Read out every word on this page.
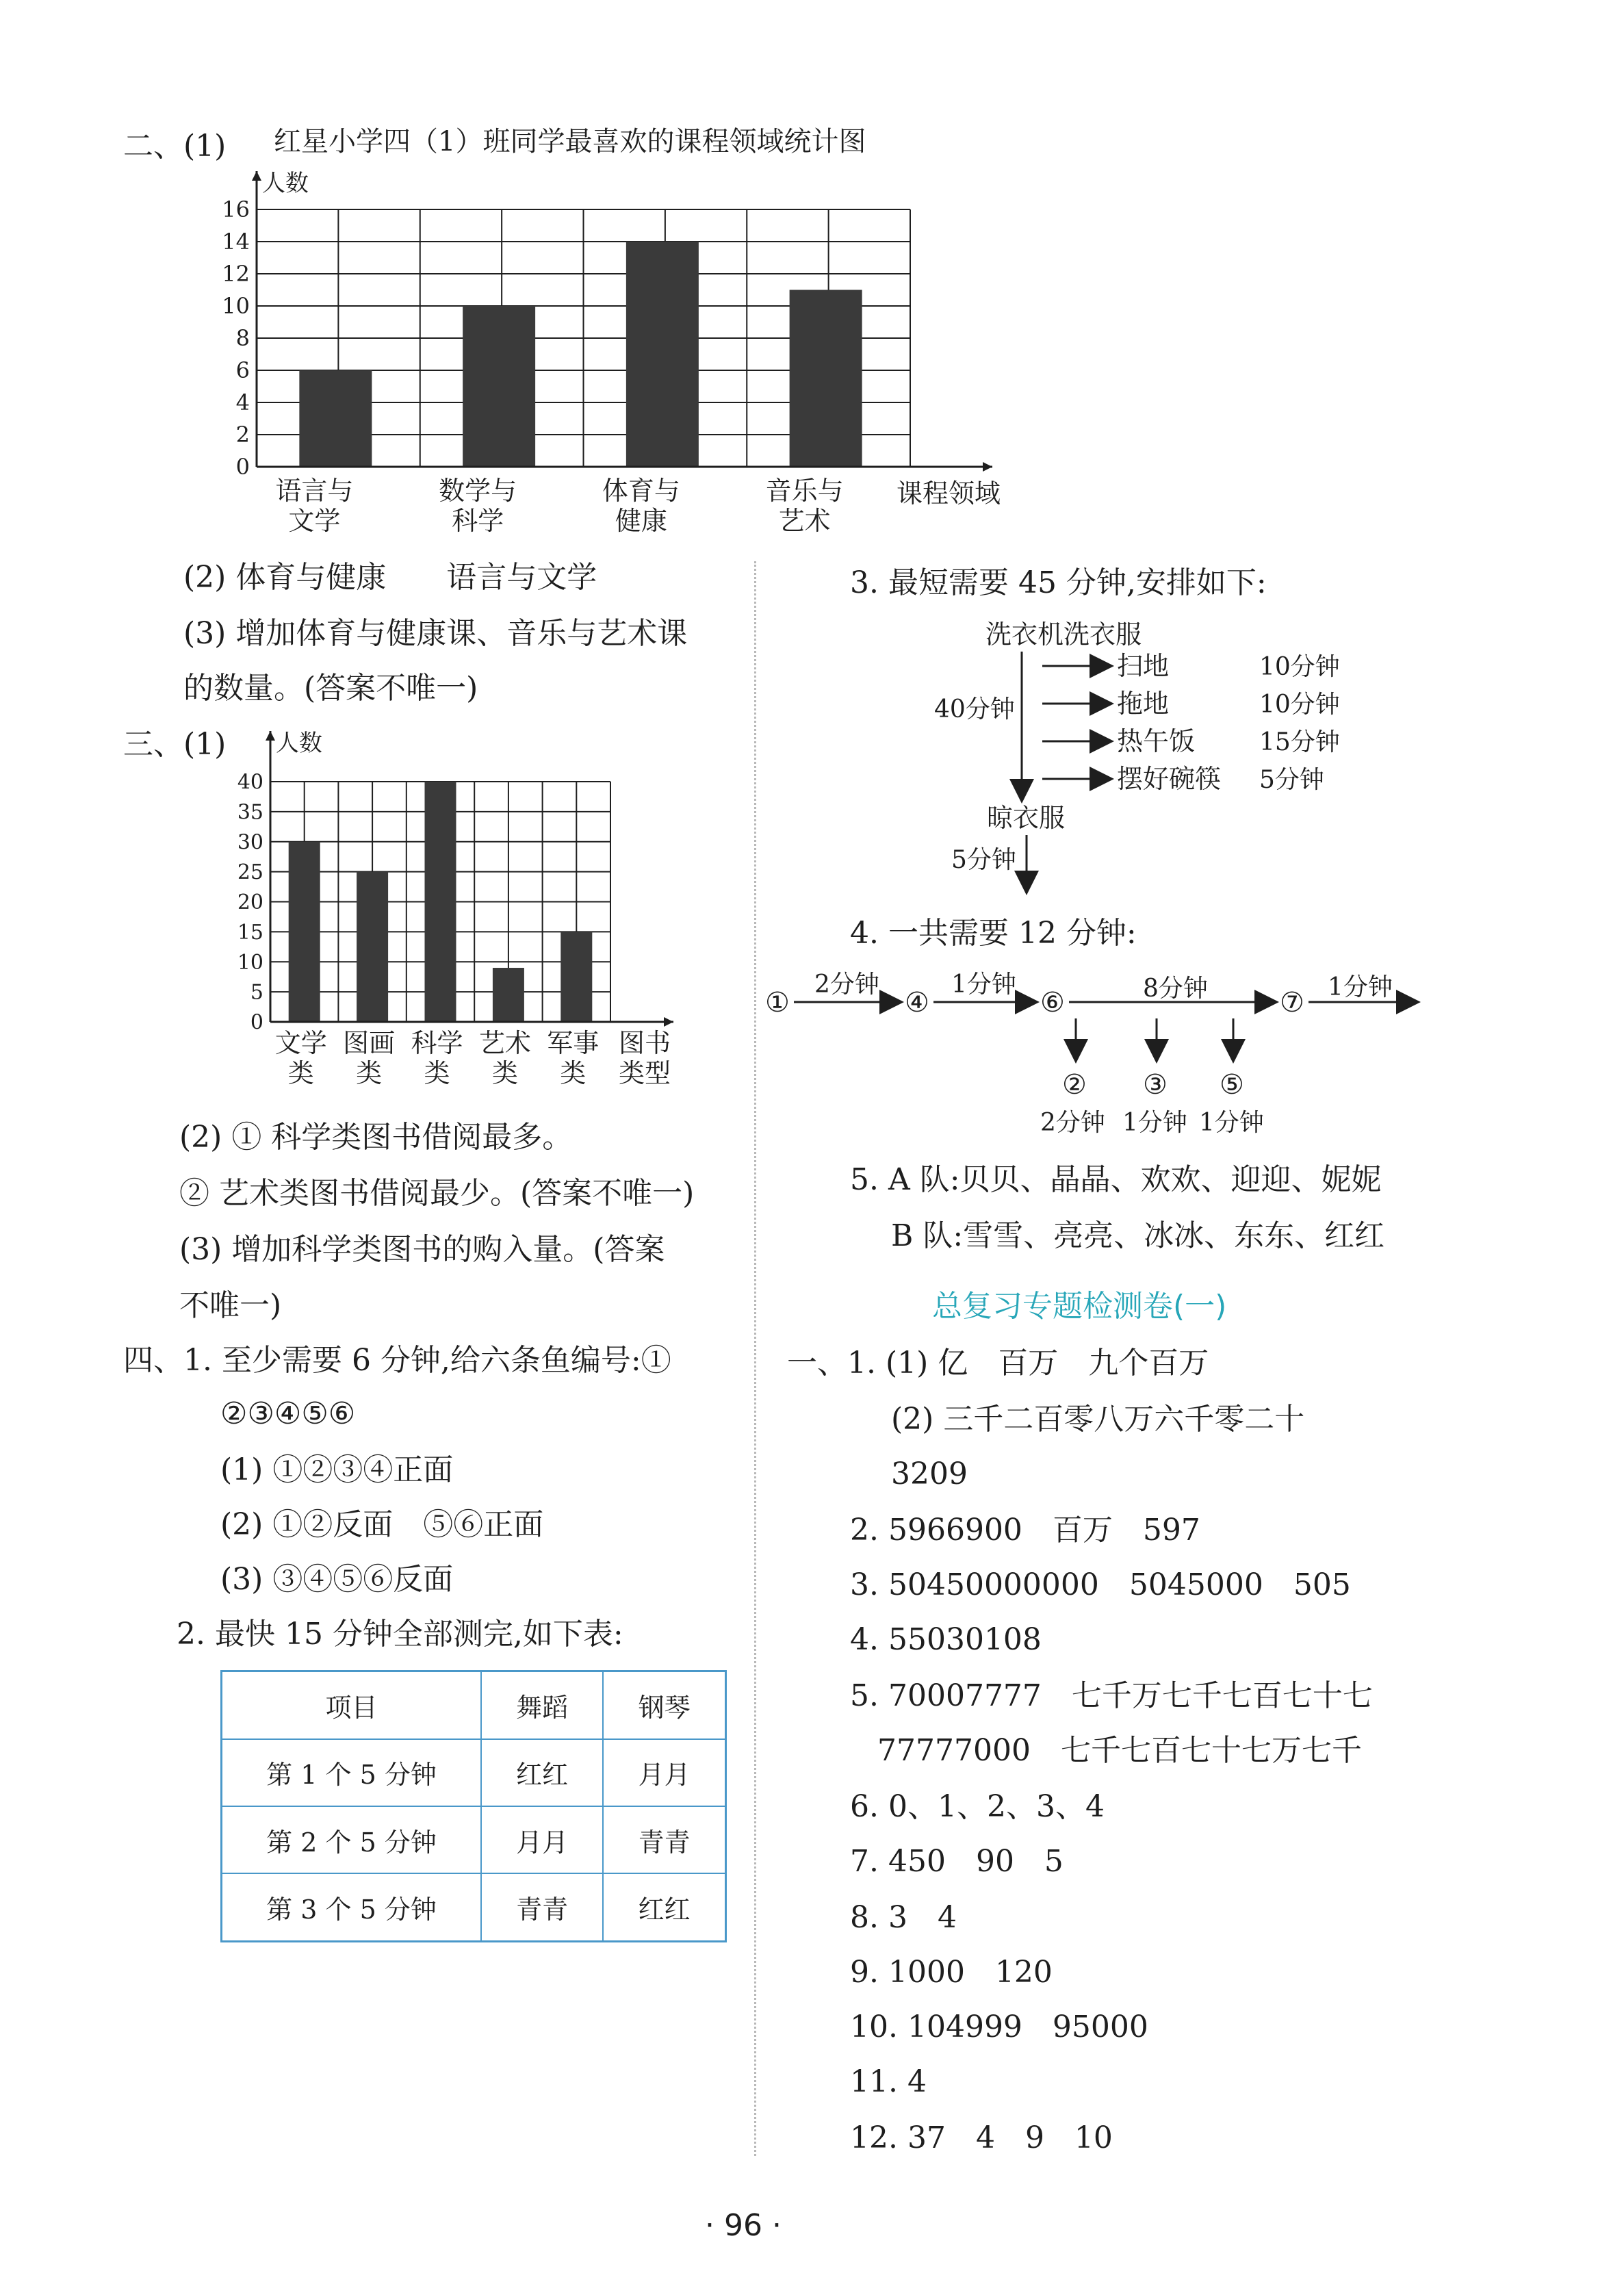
二、(1)
0
2
4
6
8
10
12
14
16
人数
语言与
文学
数学与
科学
体育与
健康
音乐与
艺术
课程领域
红星小学四（1）班同学最喜欢的课程领域统计图
(2) 体育与健康　　语言与文学
(3) 增加体育与健康课、音乐与艺术课
的数量。(答案不唯一)
三、(1)
0
5
10
15
20
25
30
35
40
人数
文学
类
图画
类
科学
类
艺术
类
军事
类
图书
类型
(2) ① 科学类图书借阅最多。
② 艺术类图书借阅最少。(答案不唯一)
(3) 增加科学类图书的购入量。(答案
不唯一)
四、1. 至少需要 6 分钟,给六条鱼编号:①
②③④⑤⑥
(1) ①②③④正面
(2) ①②反面　⑤⑥正面
(3) ③④⑤⑥反面
2. 最快 15 分钟全部测完,如下表:
项目	舞蹈	钢琴
第 1 个 5 分钟	红红	月月
第 2 个 5 分钟	月月	青青
第 3 个 5 分钟	青青	红红
3. 最短需要 45 分钟,安排如下:
洗衣机洗衣服
40分钟
扫地
拖地
热午饭
摆好碗筷
10分钟
10分钟
15分钟
5分钟
晾衣服
5分钟
4. 一共需要 12 分钟:
①	④	⑥	⑦
2分钟	1分钟	8分钟	1分钟
② ③ ⑤
2分钟 1分钟 1分钟
5. A 队:贝贝、晶晶、欢欢、迎迎、妮妮
B 队:雪雪、亮亮、冰冰、东东、红红
总复习专题检测卷(一)
一、1. (1) 亿　百万　九个百万
(2) 三千二百零八万六千零二十
3209
2. 5966900　百万　597
3. 50450000000　5045000　505
4. 55030108
5. 70007777　七千万七千七百七十七
77777000　七千七百七十七万七千
6. 0、1、2、3、4
7. 450　90　5
8. 3　4
9. 1000　120
10. 104999　95000
11. 4
12. 37　4　9　10
· 96 ·
